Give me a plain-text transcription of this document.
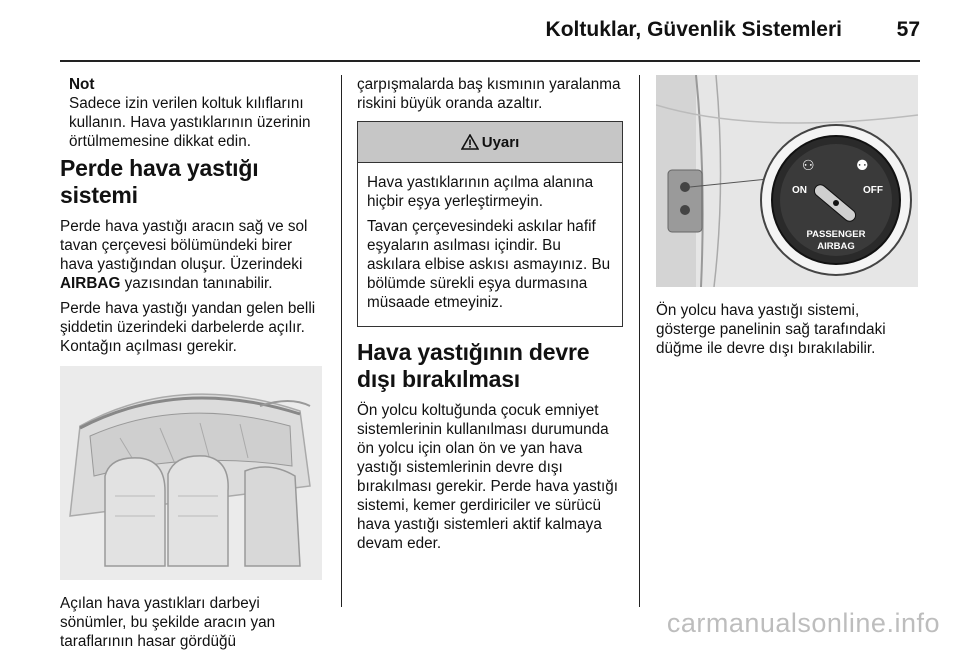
Koltuklar, Güvenlik Sistemleri	57
Not
Sadece izin verilen koltuk kılıflarını kullanın. Hava yastıklarının üzerinin örtülmemesine dikkat edin.
Perde hava yastığı sistemi

Perde hava yastığı aracın sağ ve sol tavan çerçevesi bölümündeki birer hava yastığından oluşur. Üzerindeki AIRBAG yazısından tanınabilir.

Perde hava yastığı yandan gelen belli şiddetin üzerindeki darbelerde açılır. Kontağın açılması gerekir.

Açılan hava yastıkları darbeyi sönümler, bu şekilde aracın yan taraflarının hasar gördüğü

çarpışmalarda baş kısmının yaralanma riskini büyük oranda azaltır.

Uyarı

Hava yastıklarının açılma alanına hiçbir eşya yerleştirmeyin.

Tavan çerçevesindeki askılar hafif eşyaların asılması içindir. Bu askılara elbise askısı asmayınız. Bu bölümde sürekli eşya durmasına müsaade etmeyiniz.

Hava yastığının devre dışı bırakılması

Ön yolcu koltuğunda çocuk emniyet sistemlerinin kullanılması durumunda ön yolcu için olan ön ve yan hava yastığı sistemlerinin devre dışı bırakılması gerekir. Perde hava yastığı sistemi, kemer gerdiriciler ve sürücü hava yastığı sistemleri aktif kalmaya devam eder.

ON	OFF
⚇	⚉
PASSENGER
AIRBAG

Ön yolcu hava yastığı sistemi, gösterge panelinin sağ tarafındaki düğme ile devre dışı bırakılabilir.

carmanualsonline.info
